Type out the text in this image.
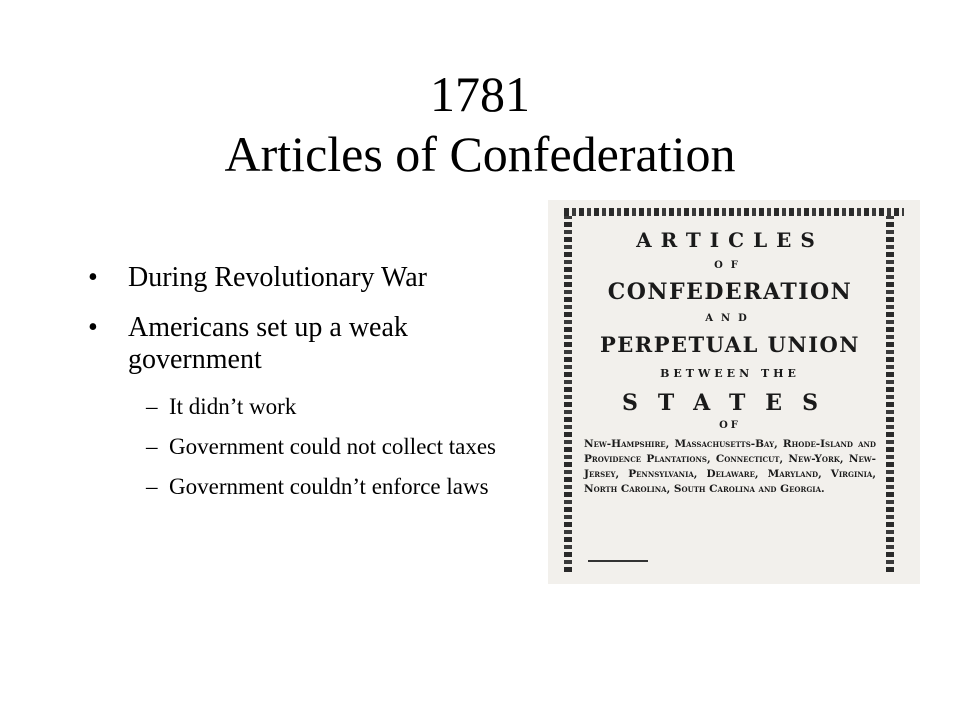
1781
Articles of Confederation
• During Revolutionary War
• Americans set up a weak government
– It didn’t work
– Government could not collect taxes
– Government couldn’t enforce laws
ARTICLES
OF
CONFEDERATION
AND
PERPETUAL UNION
BETWEEN THE
STATES
OF
New-Hampshire, Massachusetts-Bay, Rhode-Island and Providence Plantations, Connecticut, New-York, New-Jersey, Pennsylvania, Delaware, Maryland, Virginia, North Carolina, South Carolina and Georgia.
